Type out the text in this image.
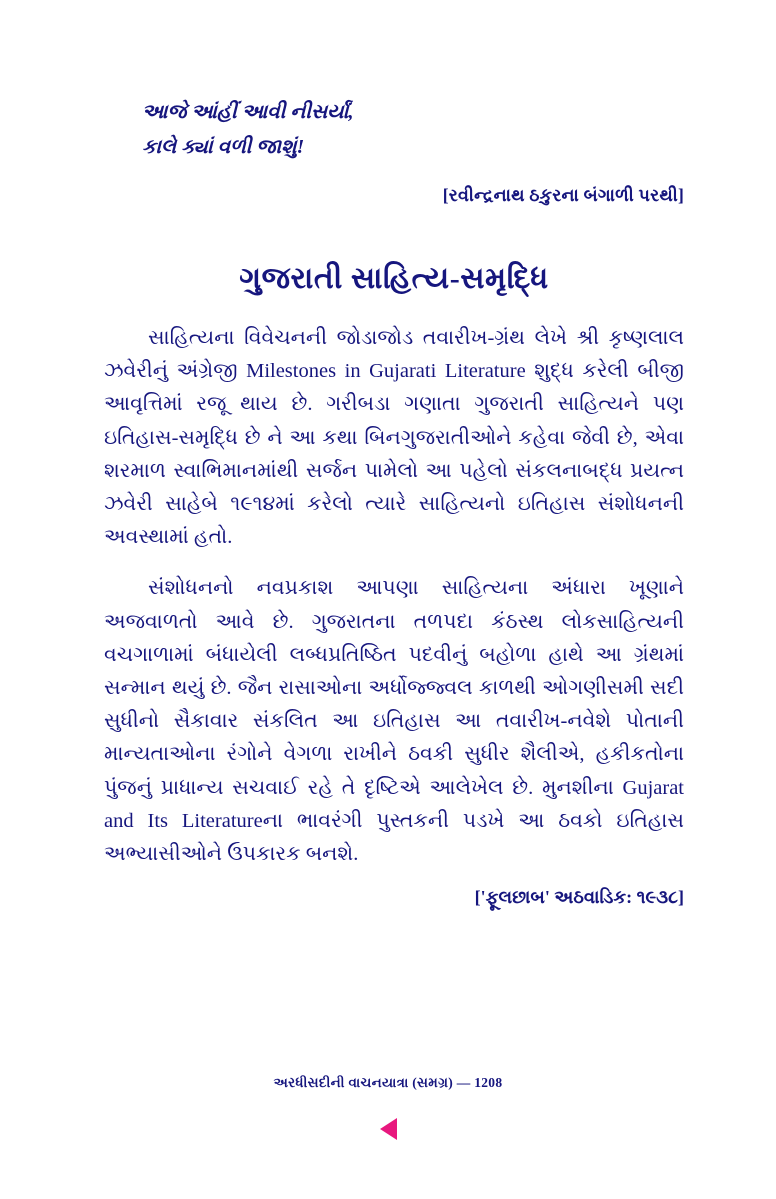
આજે આંહીં આવી નીસર્યાં,
કાલે ક્યાં વળી જાશું!
[રવીન્દ્રનાથ ઠકુરના બંગાળી પરથી]
ગુજરાતી સાહિત્ય-સમૃદ્ધિ

સાહિત્યના વિવેચનની જોડાજોડ તવારીખ-ગ્રંથ લેખે શ્રી કૃષ્ણલાલ ઝવેરીનું અંગ્રેજી Milestones in Gujarati Literature શુદ્ધ કરેલી બીજી આવૃત્તિમાં રજૂ થાય છે. ગરીબડા ગણાતા ગુજરાતી સાહિત્યને પણ ઇતિહાસ-સમૃદ્ધિ છે ને આ કથા બિનગુજરાતીઓને કહેવા જેવી છે, એવા શરમાળ સ્વાભિમાનમાંથી સર્જન પામેલો આ પહેલો સંકલનાબદ્ધ પ્રયત્ન ઝવેરી સાહેબે ૧૯૧૪માં કરેલો ત્યારે સાહિત્યનો ઇતિહાસ સંશોધનની અવસ્થામાં હતો.

સંશોધનનો નવપ્રકાશ આપણા સાહિત્યના અંધારા ખૂણાને અજવાળતો આવે છે. ગુજરાતના તળપદા કંઠસ્થ લોકસાહિત્યની વચગાળામાં બંધાયેલી લબ્ધપ્રતિષ્ઠિત પદવીનું બહોળા હાથે આ ગ્રંથમાં સન્માન થયું છે. જૈન રાસાઓના અર્ધોજ્જ્વલ કાળથી ઓગણીસમી સદી સુધીનો સૈકાવાર સંકલિત આ ઇતિહાસ આ તવારીખ-નવેશે પોતાની માન્યતાઓના રંગોને વેગળા રાખીને ઠવકી સુધીર શૈલીએ, હકીકતોના પુંજનું પ્રાધાન્ય સચવાઈ રહે તે દૃષ્ટિએ આલેખેલ છે. મુનશીના Gujarat and Its Literatureના ભાવરંગી પુસ્તકની પડખે આ ઠવકો ઇતિહાસ અભ્યાસીઓને ઉપકારક બનશે.

['ફૂલછાબ' અઠવાડિક: ૧૯૩૮]
અરધીસદીની વાચનયાત્રા (સમગ્ર) — 1208
